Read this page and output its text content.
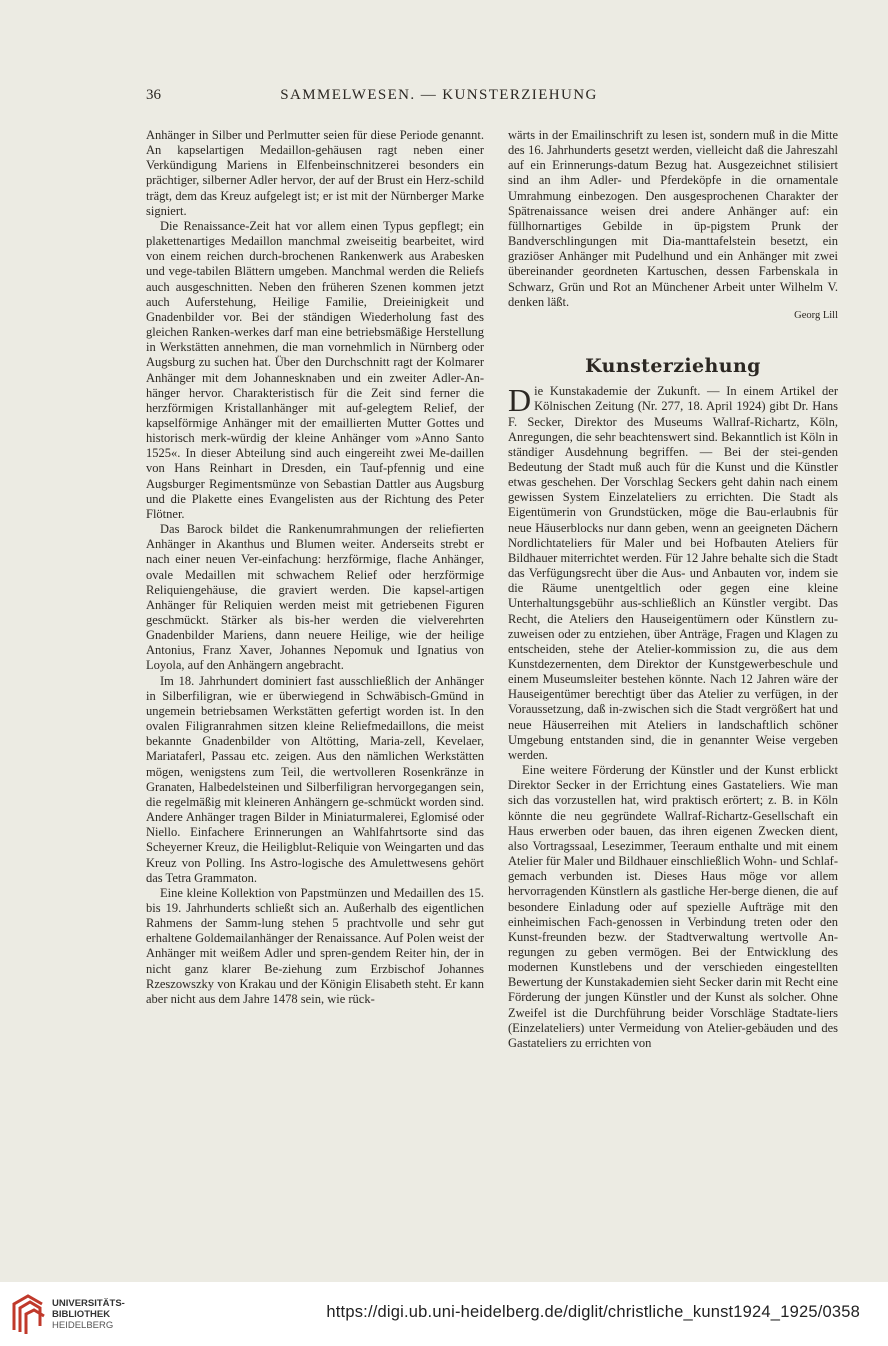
36	SAMMELWESEN. — KUNSTERZIEHUNG

Anhänger in Silber und Perlmutter seien für diese Periode genannt. An kapselartigen Medaillon-gehäusen ragt neben einer Verkündigung Mariens in Elfenbeinschnitzerei besonders ein prächtiger, silberner Adler hervor, der auf der Brust ein Herz-schild trägt, dem das Kreuz aufgelegt ist; er ist mit der Nürnberger Marke signiert.

Die Renaissance-Zeit hat vor allem einen Typus gepflegt; ein plakettenartiges Medaillon manchmal zweiseitig bearbeitet, wird von einem reichen durch-brochenen Rankenwerk aus Arabesken und vege-tabilen Blättern umgeben. Manchmal werden die Reliefs auch ausgeschnitten. Neben den früheren Szenen kommen jetzt auch Auferstehung, Heilige Familie, Dreieinigkeit und Gnadenbilder vor. Bei der ständigen Wiederholung fast des gleichen Ranken-werkes darf man eine betriebsmäßige Herstellung in Werkstätten annehmen, die man vornehmlich in Nürnberg oder Augsburg zu suchen hat. Über den Durchschnitt ragt der Kolmarer Anhänger mit dem Johannesknaben und ein zweiter Adler-An-hänger hervor. Charakteristisch für die Zeit sind ferner die herzförmigen Kristallanhänger mit auf-gelegtem Relief, der kapselförmige Anhänger mit der emaillierten Mutter Gottes und historisch merk-würdig der kleine Anhänger vom »Anno Santo 1525«. In dieser Abteilung sind auch eingereiht zwei Me-daillen von Hans Reinhart in Dresden, ein Tauf-pfennig und eine Augsburger Regimentsmünze von Sebastian Dattler aus Augsburg und die Plakette eines Evangelisten aus der Richtung des Peter Flötner.

Das Barock bildet die Rankenumrahmungen der reliefierten Anhänger in Akanthus und Blumen weiter. Anderseits strebt er nach einer neuen Ver-einfachung: herzförmige, flache Anhänger, ovale Medaillen mit schwachem Relief oder herzförmige Reliquiengehäuse, die graviert werden. Die kapsel-artigen Anhänger für Reliquien werden meist mit getriebenen Figuren geschmückt. Stärker als bis-her werden die vielverehrten Gnadenbilder Mariens, dann neuere Heilige, wie der heilige Antonius, Franz Xaver, Johannes Nepomuk und Ignatius von Loyola, auf den Anhängern angebracht.

Im 18. Jahrhundert dominiert fast ausschließlich der Anhänger in Silberfiligran, wie er überwiegend in Schwäbisch-Gmünd in ungemein betriebsamen Werkstätten gefertigt worden ist. In den ovalen Filigranrahmen sitzen kleine Reliefmedaillons, die meist bekannte Gnadenbilder von Altötting, Maria-zell, Kevelaer, Mariataferl, Passau etc. zeigen. Aus den nämlichen Werkstätten mögen, wenigstens zum Teil, die wertvolleren Rosenkränze in Granaten, Halbedelsteinen und Silberfiligran hervorgegangen sein, die regelmäßig mit kleineren Anhängern ge-schmückt worden sind. Andere Anhänger tragen Bilder in Miniaturmalerei, Eglomisé oder Niello. Einfachere Erinnerungen an Wahlfahrtsorte sind das Scheyerner Kreuz, die Heiligblut-Reliquie von Weingarten und das Kreuz von Polling. Ins Astro-logische des Amulettwesens gehört das Tetra Grammaton.

Eine kleine Kollektion von Papstmünzen und Medaillen des 15. bis 19. Jahrhunderts schließt sich an. Außerhalb des eigentlichen Rahmens der Samm-lung stehen 5 prachtvolle und sehr gut erhaltene Goldemailanhänger der Renaissance. Auf Polen weist der Anhänger mit weißem Adler und spren-gendem Reiter hin, der in nicht ganz klarer Be-ziehung zum Erzbischof Johannes Rzeszowszky von Krakau und der Königin Elisabeth steht. Er kann aber nicht aus dem Jahre 1478 sein, wie rück-

wärts in der Emailinschrift zu lesen ist, sondern muß in die Mitte des 16. Jahrhunderts gesetzt werden, vielleicht daß die Jahreszahl auf ein Erinnerungs-datum Bezug hat. Ausgezeichnet stilisiert sind an ihm Adler- und Pferdeköpfe in die ornamentale Umrahmung einbezogen. Den ausgesprochenen Charakter der Spätrenaissance weisen drei andere Anhänger auf: ein füllhornartiges Gebilde in üp-pigstem Prunk der Bandverschlingungen mit Dia-manttafelstein besetzt, ein graziöser Anhänger mit Pudelhund und ein Anhänger mit zwei übereinander geordneten Kartuschen, dessen Farbenskala in Schwarz, Grün und Rot an Münchener Arbeit unter Wilhelm V. denken läßt.

Georg Lill
Kunsterziehung

Die Kunstakademie der Zukunft. — In einem Artikel der Kölnischen Zeitung (Nr. 277, 18. April 1924) gibt Dr. Hans F. Secker, Direktor des Museums Wallraf-Richartz, Köln, Anregungen, die sehr beachtenswert sind. Bekanntlich ist Köln in ständiger Ausdehnung begriffen. — Bei der stei-genden Bedeutung der Stadt muß auch für die Kunst und die Künstler etwas geschehen. Der Vorschlag Seckers geht dahin nach einem gewissen System Einzelateliers zu errichten. Die Stadt als Eigentümerin von Grundstücken, möge die Bau-erlaubnis für neue Häuserblocks nur dann geben, wenn an geeigneten Dächern Nordlichtateliers für Maler und bei Hofbauten Ateliers für Bildhauer miterrichtet werden. Für 12 Jahre behalte sich die Stadt das Verfügungsrecht über die Aus- und Anbauten vor, indem sie die Räume unentgeltlich oder gegen eine kleine Unterhaltungsgebühr aus-schließlich an Künstler vergibt. Das Recht, die Ateliers den Hauseigentümern oder Künstlern zu-zuweisen oder zu entziehen, über Anträge, Fragen und Klagen zu entscheiden, stehe der Atelier-kommission zu, die aus dem Kunstdezernenten, dem Direktor der Kunstgewerbeschule und einem Museumsleiter bestehen könnte. Nach 12 Jahren wäre der Hauseigentümer berechtigt über das Atelier zu verfügen, in der Voraussetzung, daß in-zwischen sich die Stadt vergrößert hat und neue Häuserreihen mit Ateliers in landschaftlich schöner Umgebung entstanden sind, die in genannter Weise vergeben werden.

Eine weitere Förderung der Künstler und der Kunst erblickt Direktor Secker in der Errichtung eines Gastateliers. Wie man sich das vorzustellen hat, wird praktisch erörtert; z. B. in Köln könnte die neu gegründete Wallraf-Richartz-Gesellschaft ein Haus erwerben oder bauen, das ihren eigenen Zwecken dient, also Vortragssaal, Lesezimmer, Teeraum enthalte und mit einem Atelier für Maler und Bildhauer einschließlich Wohn- und Schlaf-gemach verbunden ist. Dieses Haus möge vor allem hervorragenden Künstlern als gastliche Her-berge dienen, die auf besondere Einladung oder auf spezielle Aufträge mit den einheimischen Fach-genossen in Verbindung treten oder den Kunst-freunden bezw. der Stadtverwaltung wertvolle An-regungen zu geben vermögen. Bei der Entwicklung des modernen Kunstlebens und der verschieden eingestellten Bewertung der Kunstakademien sieht Secker darin mit Recht eine Förderung der jungen Künstler und der Kunst als solcher. Ohne Zweifel ist die Durchführung beider Vorschläge Stadtate-liers (Einzelateliers) unter Vermeidung von Atelier-gebäuden und des Gastateliers zu errichten von

UNIVERSITÄTS-
BIBLIOTHEK
HEIDELBERG
https://digi.ub.uni-heidelberg.de/diglit/christliche_kunst1924_1925/0358
